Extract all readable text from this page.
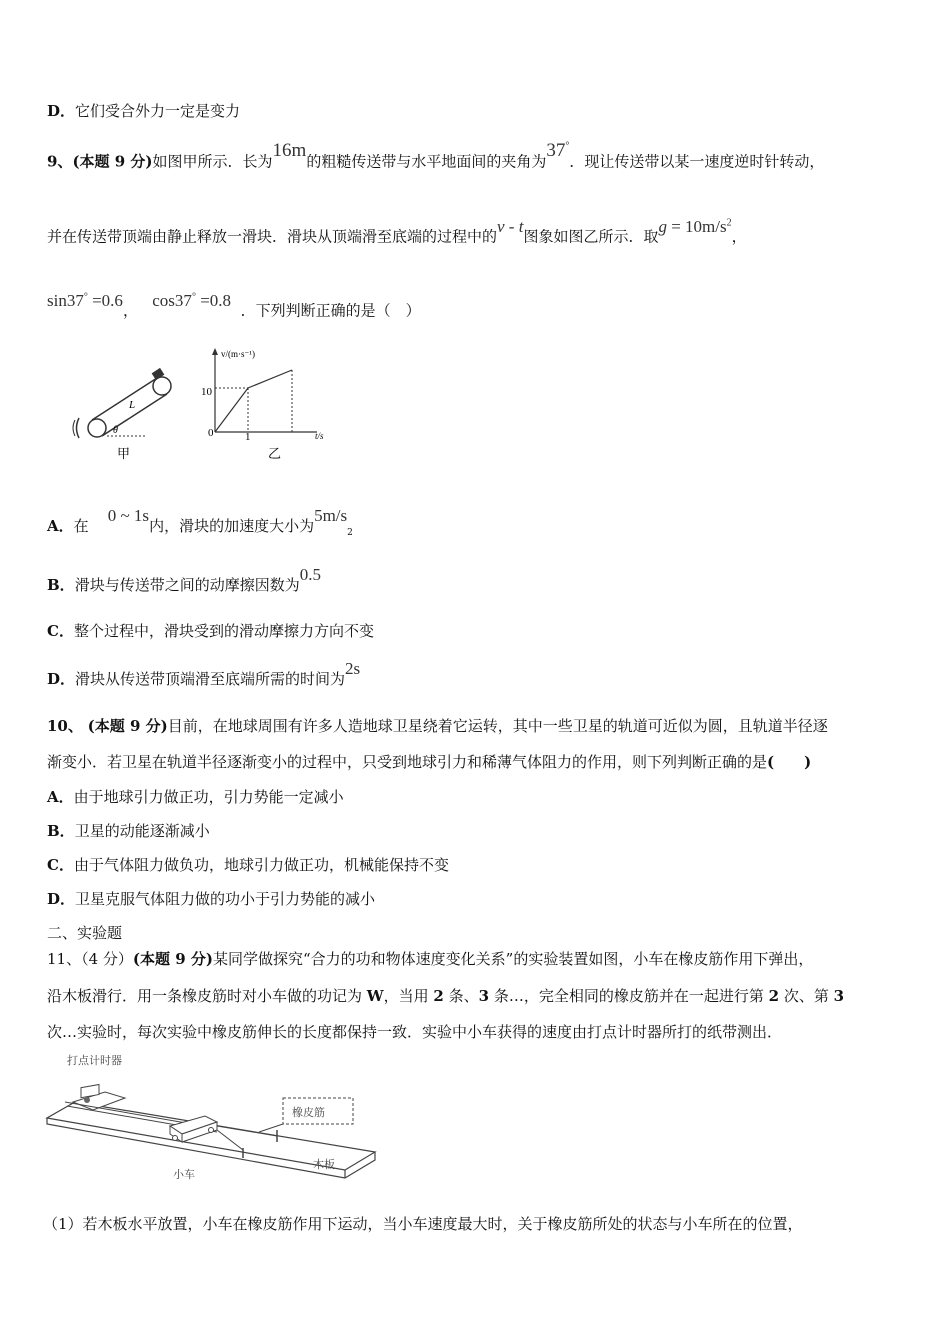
D．它们受合外力一定是变力
9、(本题 9 分)如图甲所示．长为16m的粗糙传送带与水平地面间的夹角为37°．现让传送带以某一速度逆时针转动，
并在传送带顶端由静止释放一滑块．滑块从顶端滑至底端的过程中的v - t图象如图乙所示．取$g = 10m/s^2$，
sin37° =0.6，   cos37° =0.8  ．下列判断正确的是（　）
L
θ
甲
v/(m·s⁻¹)
t/s
10
0	1
乙
A．在    0 ~ 1s内，滑块的加速度大小为$5m/s_2$
B．滑块与传送带之间的动摩擦因数为0.5
C．整个过程中，滑块受到的滑动摩擦力方向不变
D．滑块从传送带顶端滑至底端所需的时间为2s
10、 (本题 9 分)目前，在地球周围有许多人造地球卫星绕着它运转，其中一些卫星的轨道可近似为圆，且轨道半径逐
渐变小．若卫星在轨道半径逐渐变小的过程中，只受到地球引力和稀薄气体阻力的作用，则下列判断正确的是(　　)
A．由于地球引力做正功，引力势能一定减小
B．卫星的动能逐渐减小
C．由于气体阻力做负功，地球引力做正功，机械能保持不变
D．卫星克服气体阻力做的功小于引力势能的减小
二、实验题
11、（4 分）(本题 9 分)某同学做探究“合力的功和物体速度变化关系”的实验装置如图，小车在橡皮筋作用下弹出，
沿木板滑行．用一条橡皮筋时对小车做的功记为 W，当用 2 条、3 条…，完全相同的橡皮筋并在一起进行第 2 次、第 3
次…实验时，每次实验中橡皮筋伸长的长度都保持一致．实验中小车获得的速度由打点计时器所打的纸带测出．
打点计时器
橡皮筋
小车
木板
（1）若木板水平放置，小车在橡皮筋作用下运动，当小车速度最大时，关于橡皮筋所处的状态与小车所在的位置，
